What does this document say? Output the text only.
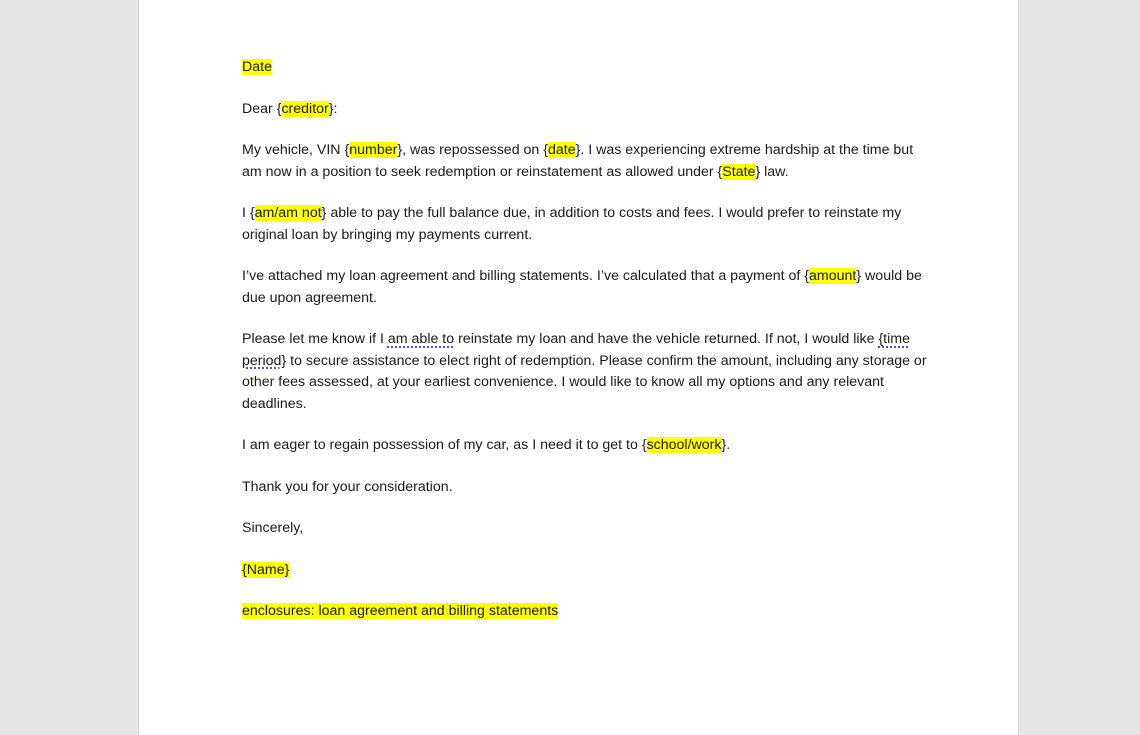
Date

Dear {creditor}:

My vehicle, VIN {number}, was repossessed on {date}. I was experiencing extreme hardship at the time but am now in a position to seek redemption or reinstatement as allowed under {State} law.

I {am/am not} able to pay the full balance due, in addition to costs and fees. I would prefer to reinstate my original loan by bringing my payments current.

I’ve attached my loan agreement and billing statements. I’ve calculated that a payment of {amount} would be due upon agreement.

Please let me know if I am able to reinstate my loan and have the vehicle returned. If not, I would like {time period} to secure assistance to elect right of redemption. Please confirm the amount, including any storage or other fees assessed, at your earliest convenience. I would like to know all my options and any relevant deadlines.

I am eager to regain possession of my car, as I need it to get to {school/work}.

Thank you for your consideration.

Sincerely,

{Name}

enclosures: loan agreement and billing statements
